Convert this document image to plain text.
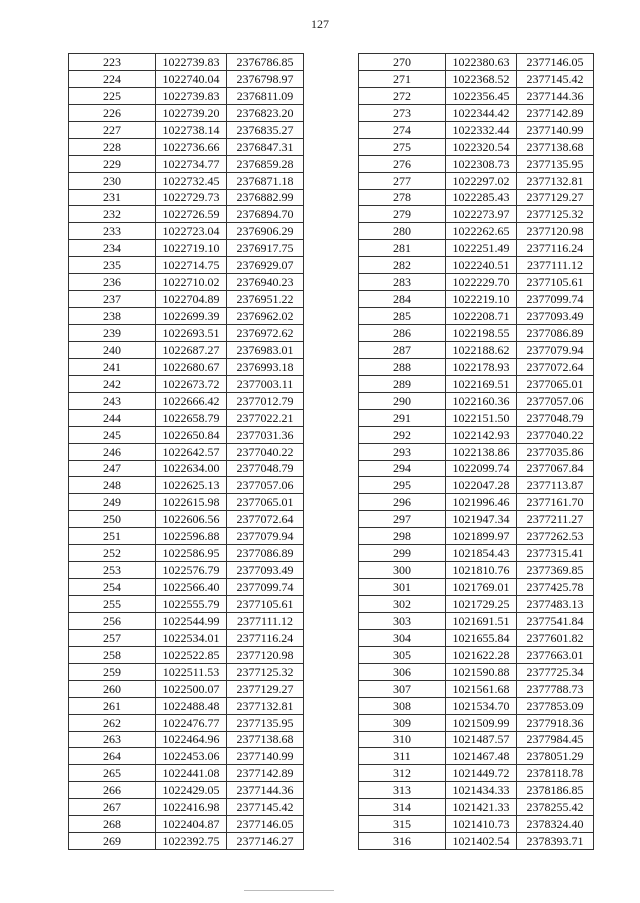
127
223	1022739.83	2376786.85
224	1022740.04	2376798.97
225	1022739.83	2376811.09
226	1022739.20	2376823.20
227	1022738.14	2376835.27
228	1022736.66	2376847.31
229	1022734.77	2376859.28
230	1022732.45	2376871.18
231	1022729.73	2376882.99
232	1022726.59	2376894.70
233	1022723.04	2376906.29
234	1022719.10	2376917.75
235	1022714.75	2376929.07
236	1022710.02	2376940.23
237	1022704.89	2376951.22
238	1022699.39	2376962.02
239	1022693.51	2376972.62
240	1022687.27	2376983.01
241	1022680.67	2376993.18
242	1022673.72	2377003.11
243	1022666.42	2377012.79
244	1022658.79	2377022.21
245	1022650.84	2377031.36
246	1022642.57	2377040.22
247	1022634.00	2377048.79
248	1022625.13	2377057.06
249	1022615.98	2377065.01
250	1022606.56	2377072.64
251	1022596.88	2377079.94
252	1022586.95	2377086.89
253	1022576.79	2377093.49
254	1022566.40	2377099.74
255	1022555.79	2377105.61
256	1022544.99	2377111.12
257	1022534.01	2377116.24
258	1022522.85	2377120.98
259	1022511.53	2377125.32
260	1022500.07	2377129.27
261	1022488.48	2377132.81
262	1022476.77	2377135.95
263	1022464.96	2377138.68
264	1022453.06	2377140.99
265	1022441.08	2377142.89
266	1022429.05	2377144.36
267	1022416.98	2377145.42
268	1022404.87	2377146.05
269	1022392.75	2377146.27
270	1022380.63	2377146.05
271	1022368.52	2377145.42
272	1022356.45	2377144.36
273	1022344.42	2377142.89
274	1022332.44	2377140.99
275	1022320.54	2377138.68
276	1022308.73	2377135.95
277	1022297.02	2377132.81
278	1022285.43	2377129.27
279	1022273.97	2377125.32
280	1022262.65	2377120.98
281	1022251.49	2377116.24
282	1022240.51	2377111.12
283	1022229.70	2377105.61
284	1022219.10	2377099.74
285	1022208.71	2377093.49
286	1022198.55	2377086.89
287	1022188.62	2377079.94
288	1022178.93	2377072.64
289	1022169.51	2377065.01
290	1022160.36	2377057.06
291	1022151.50	2377048.79
292	1022142.93	2377040.22
293	1022138.86	2377035.86
294	1022099.74	2377067.84
295	1022047.28	2377113.87
296	1021996.46	2377161.70
297	1021947.34	2377211.27
298	1021899.97	2377262.53
299	1021854.43	2377315.41
300	1021810.76	2377369.85
301	1021769.01	2377425.78
302	1021729.25	2377483.13
303	1021691.51	2377541.84
304	1021655.84	2377601.82
305	1021622.28	2377663.01
306	1021590.88	2377725.34
307	1021561.68	2377788.73
308	1021534.70	2377853.09
309	1021509.99	2377918.36
310	1021487.57	2377984.45
311	1021467.48	2378051.29
312	1021449.72	2378118.78
313	1021434.33	2378186.85
314	1021421.33	2378255.42
315	1021410.73	2378324.40
316	1021402.54	2378393.71
